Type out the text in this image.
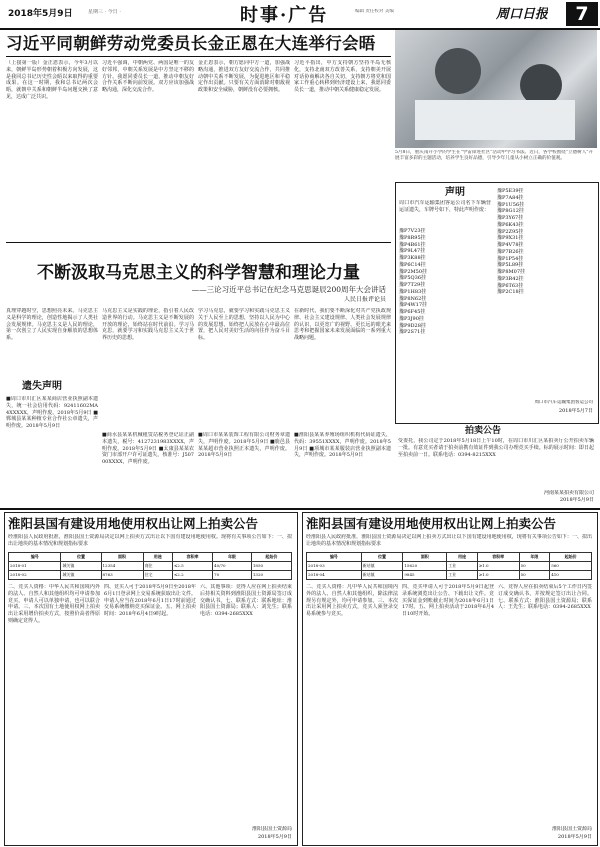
2018年5月9日	星期三 · 今日 ·	时事·广告	编辑 责任校对 美编	周口日报	7
习近平同朝鲜劳动党委员长金正恩在大连举行会晤
（上接第一版）金正恩表示，今年3月以来，朝鲜半岛形势朝着积极方向发展，这是我同总书记历史性会晤以来取得的重要成果。在这一时期，我和总书记两次会晤，就朝中关系和朝鲜半岛问题交换了意见，达成广泛共识。
习近平强调，中朝两党、两国是唯一的友好邻邦，中朝关系发展是中方坚定不移的方针。我愿同委员长一道，推动中朝友好合作关系不断向前发展。双方应该加强战略沟通，深化交流合作。
金正恩表示，朝方愿同中方一道，加强战略沟通，推进双方友好交流合作，共同推动朝中关系不断发展，为促进地区和平稳定作出贡献。只要有关方面消除对朝敌视政策和安全威胁，朝鲜没有必要拥核。
习近平指出，中方支持朝方坚持半岛无核化，支持北南双方改善关系，支持朝美开展对话协商解决各自关切，支持朝方将党和国家工作重心转移到经济建设上来，我愿同委员长一道，推动中朝关系健康稳定发展。
5月8日，重庆南开小学的学生在"学雷锋进社区"活动中学习书法。近日，各学校围绕"立德树人"开展丰富多彩的主题活动，培养学生良好品德，引导少年儿童从小树立正确的价值观。
不断汲取马克思主义的科学智慧和理论力量
——三论习近平总书记在纪念马克思诞辰200周年大会讲话
人民日报评论员
真理穿越时空，思想照亮未来。马克思主义是科学的理论，创造性地揭示了人类社会发展规律。马克思主义是人民的理论，第一次创立了人民实现自身解放的思想体系。
马克思主义是实践的理论，指引着人民改造世界的行动。马克思主义是不断发展的开放的理论，始终站在时代前沿。学习马克思，就要学习和实践马克思主义关于世界历史的思想。
学习马克思，就要学习和实践马克思主义关于人民至上的思想，坚持以人民为中心的发展思想，始终把人民放在心中最高位置，把人民对美好生活的向往作为奋斗目标。
在新时代，我们要不断深化对共产党执政规律、社会主义建设规律、人类社会发展规律的认识，以更宽广的视野、更长远的眼光来思考和把握国家未来发展面临的一系列重大战略问题。
遗失声明
■周口市川汇区某某商店营业执照副本遗失，统一社会信用代码：92411602MA4XXXXX，声明作废。2018年5月9日 ■郸城县某某种植专业合作社公章遗失，声明作废。2018年5月9日
■商水县某某机械租赁站税务登记证正副本遗失，税号：4127231983XXXX，声明作废。2018年5月9日 ■太康县某某农资门市部开户许可证遗失，核准号：J50700XXXX，声明作废。
■周口市某某装饰工程有限公司财务章遗失，声明作废。2018年5月9日 ■鹿邑县某某超市营业执照正本遗失，声明作废。2018年5月9日
■淮阳县某某养殖场组织机构代码证遗失，代码：39551XXXX，声明作废。2018年5月9日 ■项城市某某服装店营业执照副本遗失，声明作废。2018年5月9日
声明
周口市汽车运输集团客运公司名下车辆营运证遗失，车牌号如下，特此声明作废：
豫P7V23挂
豫P8R95挂
豫P4B61挂
豫P9L47挂
豫P3K88挂
豫P6C14挂
豫P2M50挂
豫P5Q36挂
豫P7T29挂
豫P1H83挂
豫P8N62挂
豫P4W17挂
豫P6F45挂
豫P3J90挂
豫P9D28挂
豫P2S71挂
豫P5E39挂
豫P7A84挂
豫P1U56挂
豫P8G12挂
豫P3Y67挂
豫P6K43挂
豫P2Z95挂
豫P9X31挂
豫P4V78挂
豫P7B26挂
豫P1P54挂
豫P5L89挂
豫P8M07挂
豫P3R42挂
豫P6T63挂
豫P2C18挂
周口市汽车运输集团客运公司
2018年5月7日
拍卖公告
受委托，我公司定于2018年5月18日上午10时，在周口市川汇区某拍卖厅公开拍卖车辆一批。有意竞买者请于拍卖前携有效证件到我公司办理竞买手续。标的展示时间：即日起至拍卖前一日。联系电话：0394-8215XXX
河南某某拍卖有限公司
2018年5月9日
淮阳县国有建设用地使用权出让网上拍卖公告
经淮阳县人民政府批准，淮阳县国土资源局决定以网上拍卖方式出让以下国有建设用地使用权。现将有关事项公告如下：一、拟出让地块的基本情况和规划指标要求
编号	位置	面积	用途	容积率	年限	起始价
2018-01	城关镇	12354	商住	≤2.5	40/70	1850
2018-02	城关镇	8763	住宅	≤2.2	70	1320
二、竞买人资格：中华人民共和国境内外的法人、自然人和其他组织均可申请参加竞买，申请人可以单独申请，也可以联合申请。三、本次国有土地使用权网上拍卖出让采用增价拍卖方式，按照价高者得原则确定竞得人。
四、竞买人可于2018年5月9日至2018年6月1日登录网上交易系统获取出让文件。申请人应当在2018年6月1日17时前通过交易系统缴纳竞买保证金。五、网上拍卖时间：2018年6月4日9时起。
六、其他事项：竞得人应在网上拍卖结束后持相关资料到淮阳县国土资源局签订成交确认书。七、联系方式：联系地址：淮阳县国土资源局；联系人：刘先生；联系电话：0394-2685XXX
淮阳县国土资源局
2018年5月9日
淮阳县国有建设用地使用权出让网上拍卖公告
经淮阳县人民政府批准，淮阳县国土资源局决定以网上拍卖方式出让以下国有建设用地使用权，现将有关事项公告如下：一、拟出让地块的基本情况和规划指标要求
编号	位置	面积	用途	容积率	年限	起始价
2018-03	新站镇	15620	工业	≥1.0	50	560
2018-04	新站镇	9845	工业	≥1.0	50	410
二、竞买人资格：凡中华人民共和国境内外的法人、自然人和其他组织，除法律法规另有规定外，均可申请参加。三、本次出让采用网上拍卖方式，竞买人须登录交易系统参与竞买。
四、竞买申请人可于2018年5月9日起登录系统浏览出让公告、下载出让文件。竞买保证金到账截止时间为2018年6月1日17时。五、网上拍卖活动于2018年6月4日10时开始。
六、竞得人应在拍卖结束后5个工作日内签订成交确认书，并按规定签订出让合同。七、联系方式：淮阳县国土资源局；联系人：王先生；联系电话：0394-2685XXX
淮阳县国土资源局
2018年5月9日
